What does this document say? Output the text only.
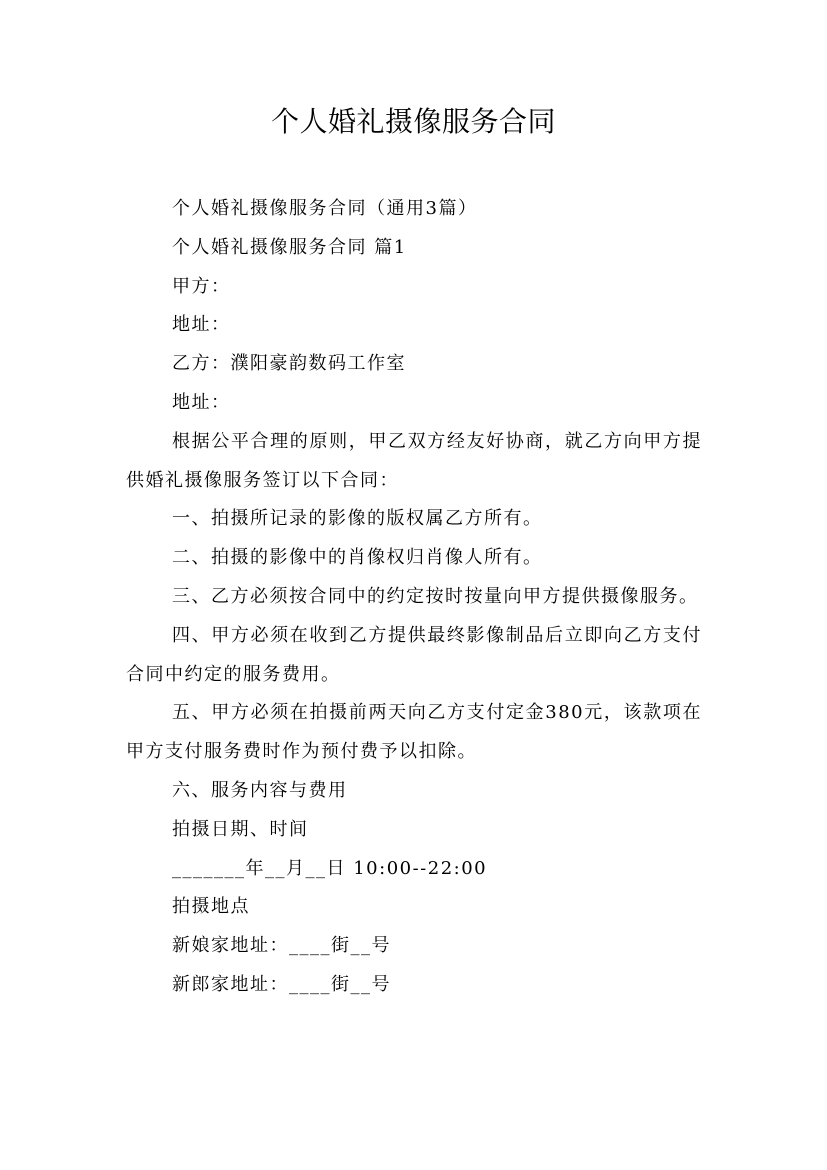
个人婚礼摄像服务合同

个人婚礼摄像服务合同（通用3篇）

个人婚礼摄像服务合同 篇1

甲方：

地址：

乙方：濮阳豪韵数码工作室

地址：

根据公平合理的原则，甲乙双方经友好协商，就乙方向甲方提供婚礼摄像服务签订以下合同：

一、拍摄所记录的影像的版权属乙方所有。

二、拍摄的影像中的肖像权归肖像人所有。

三、乙方必须按合同中的约定按时按量向甲方提供摄像服务。

四、甲方必须在收到乙方提供最终影像制品后立即向乙方支付合同中约定的服务费用。

五、甲方必须在拍摄前两天向乙方支付定金380元，该款项在甲方支付服务费时作为预付费予以扣除。

六、服务内容与费用

拍摄日期、时间

_______年__月__日 10:00--22:00

拍摄地点

新娘家地址：____街__号

新郎家地址：____街__号
